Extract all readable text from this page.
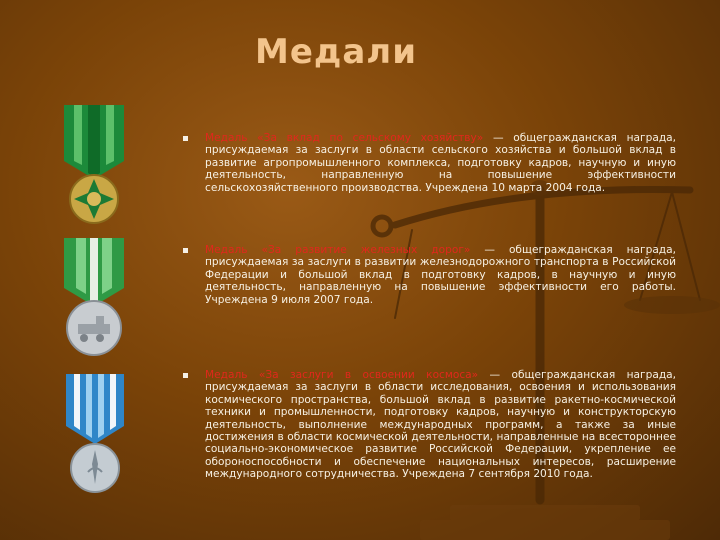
Медали
Медаль «За вклад по сельскому хозяйству» — общегражданская награда, присуждаемая за заслуги в области сельского хозяйства и большой вклад в развитие агропромышленного комплекса, подготовку кадров, научную и иную деятельность, направленную на повышение эффективности сельскохозяйственного производства. Учреждена 10 марта 2004 года.
Медаль «За развитие железных дорог» — общегражданская награда, присуждаемая за заслуги в развитии железнодорожного транспорта в Российской Федерации и большой вклад в подготовку кадров, в научную и иную деятельность, направленную на повышение эффективности его работы. Учреждена 9 июля 2007 года.
Медаль «За заслуги в освоении космоса» — общегражданская награда, присуждаемая за заслуги в области исследования, освоения и использования космического пространства, большой вклад в развитие ракетно-космической техники и промышленности, подготовку кадров, научную и конструкторскую деятельность, выполнение международных программ, а также за иные достижения в области космической деятельности, направленные на всестороннее социально-экономическое развитие Российской Федерации, укрепление ее обороноспособности и обеспечение национальных интересов, расширение международного сотрудничества. Учреждена 7 сентября 2010 года.
